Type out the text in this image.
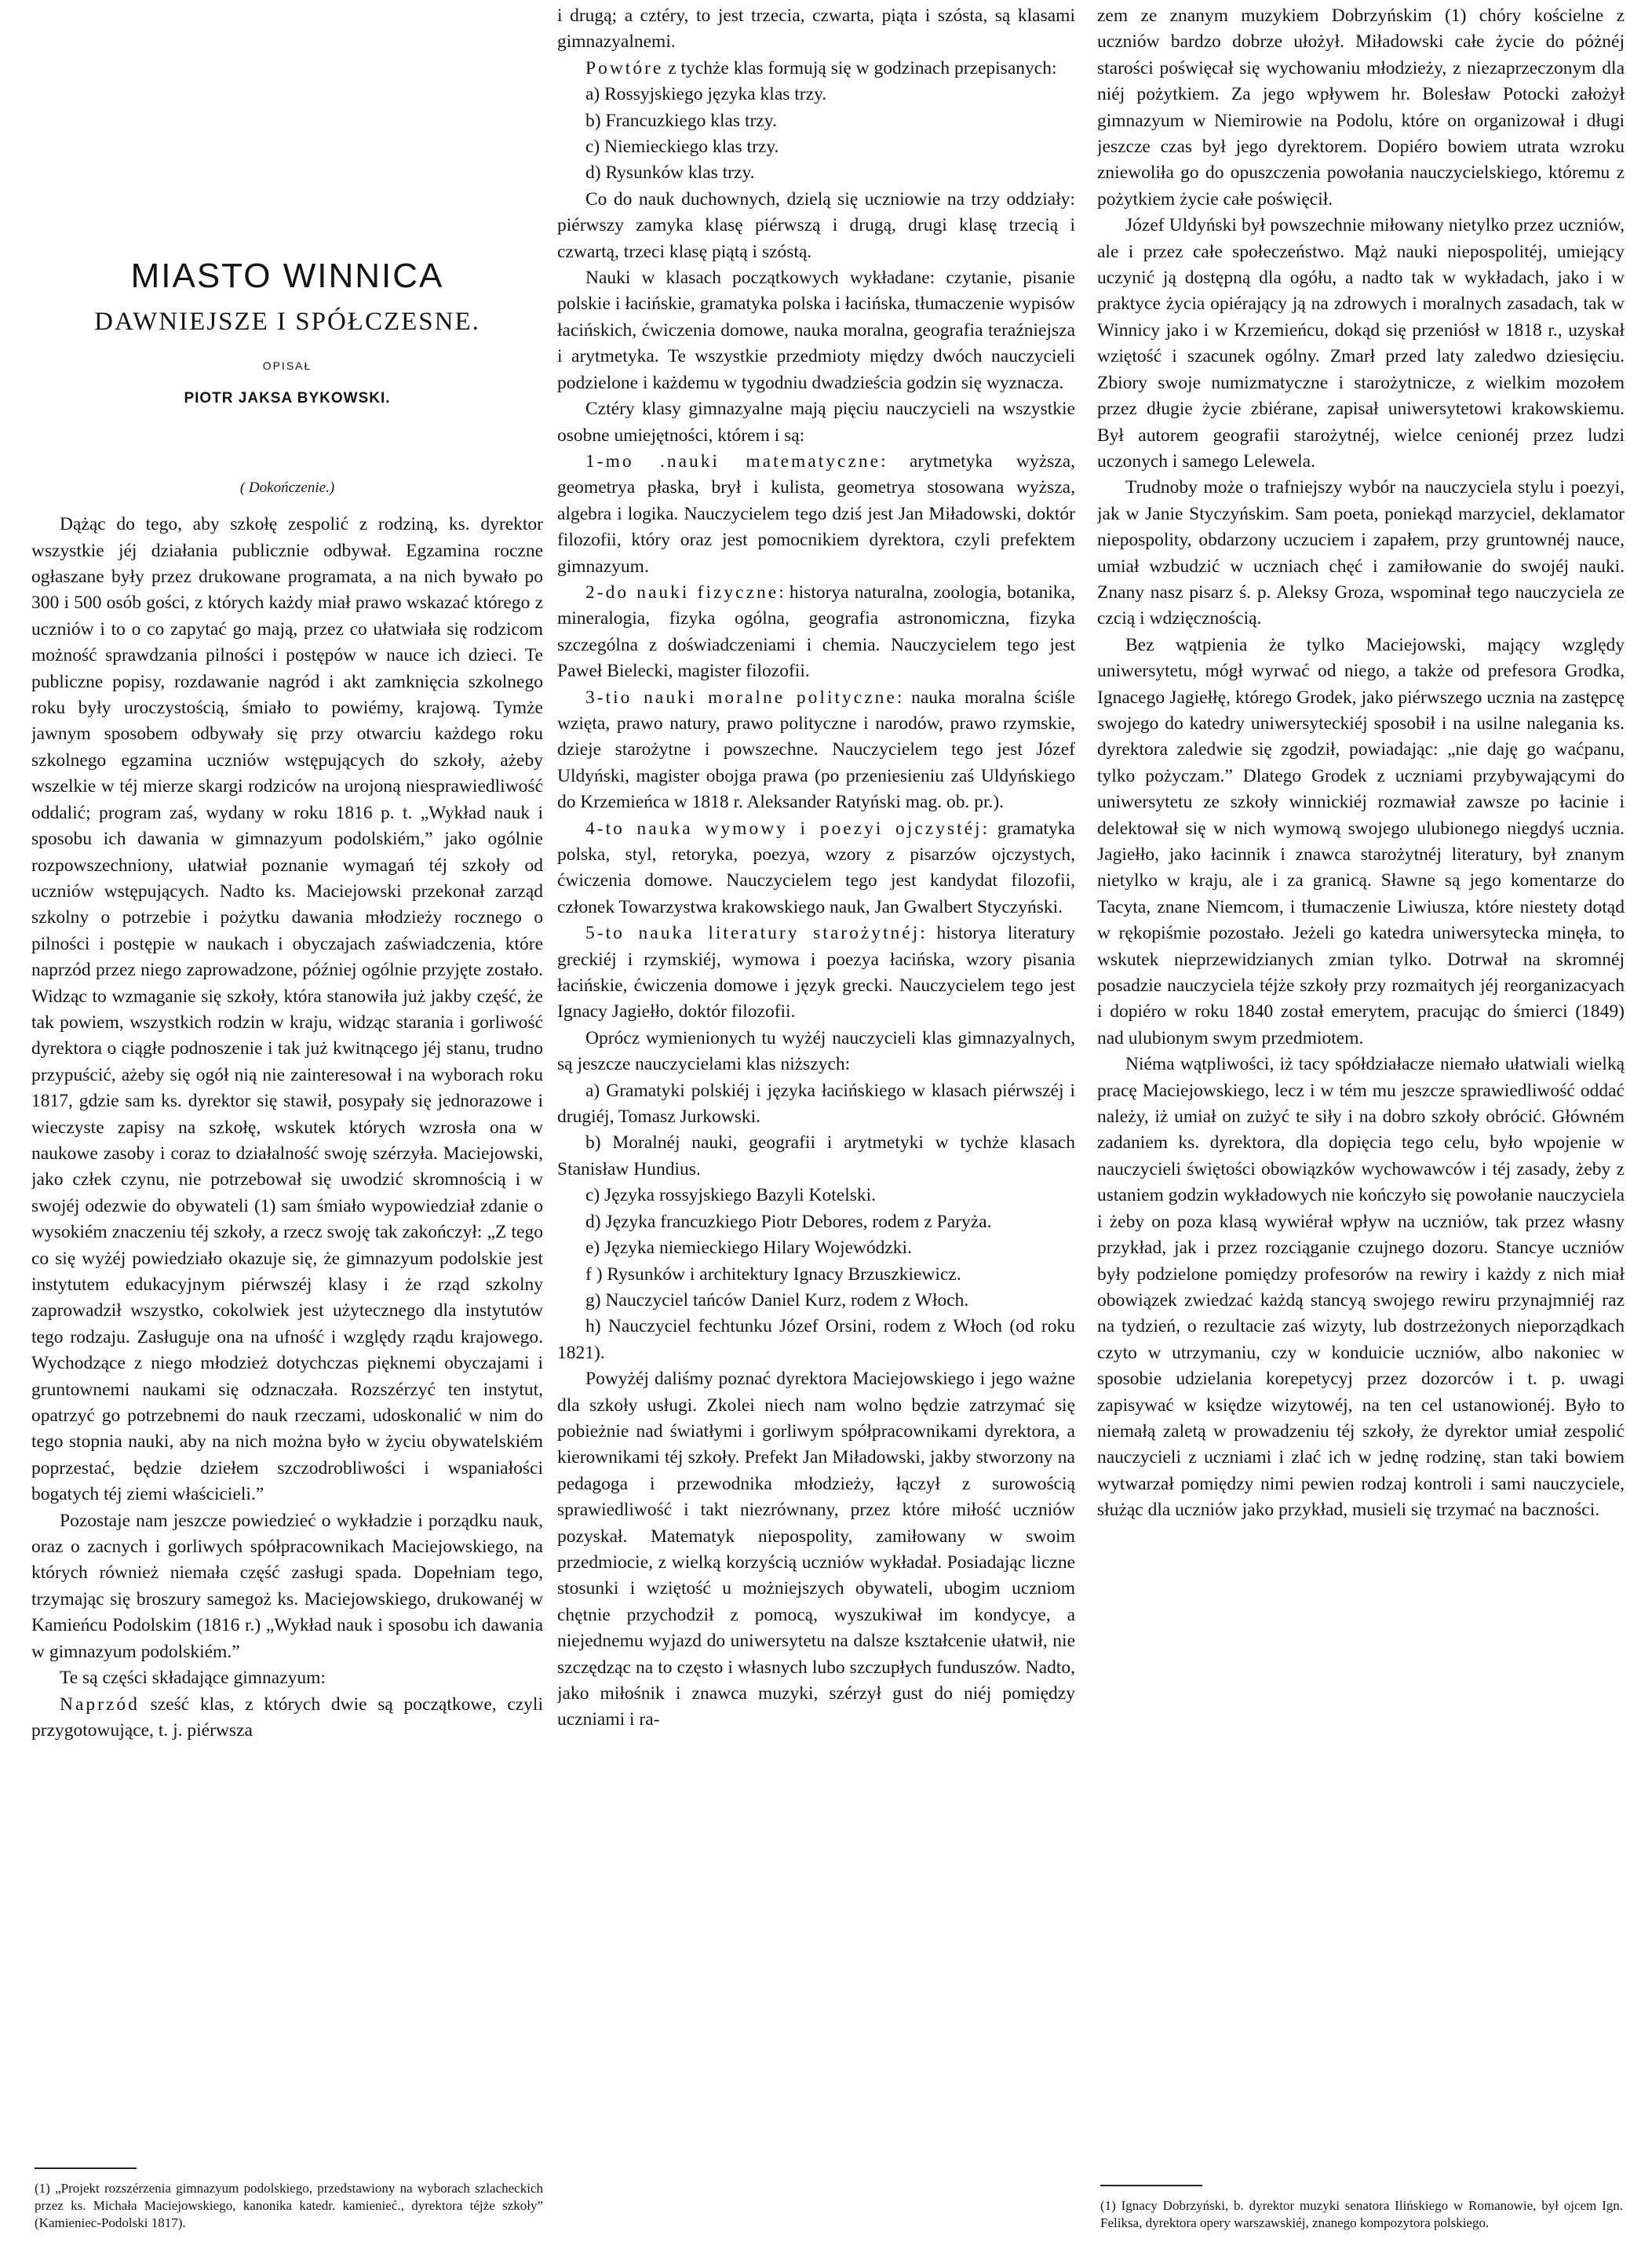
MIASTO WINNICA
DAWNIEJSZE I SPÓŁCZESNE.
OPISAŁ
PIOTR JAKSA BYKOWSKI.
( Dokończenie.)

Dążąc do tego, aby szkołę zespolić z rodziną, ks. dyrektor wszystkie jéj działania publicznie odbywał. Egzamina roczne ogłaszane były przez drukowane programata, a na nich bywało po 300 i 500 osób gości, z których każdy miał prawo wskazać którego z uczniów i to o co zapytać go mają, przez co ułatwiała się rodzicom możność sprawdzania pilności i postępów w nauce ich dzieci. Te publiczne popisy, rozdawanie nagród i akt zamknięcia szkolnego roku były uroczystością, śmiało to powiémy, krajową. Tymże jawnym sposobem odbywały się przy otwarciu każdego roku szkolnego egzamina uczniów wstępujących do szkoły, ażeby wszelkie w téj mierze skargi rodziców na urojoną niesprawiedliwość oddalić; program zaś, wydany w roku 1816 p. t. „Wykład nauk i sposobu ich dawania w gimnazyum podolskiém,” jako ogólnie rozpowszechniony, ułatwiał poznanie wymagań téj szkoły od uczniów wstępujących. Nadto ks. Maciejowski przekonał zarząd szkolny o potrzebie i pożytku dawania młodzieży rocznego o pilności i postępie w naukach i obyczajach zaświadczenia, które naprzód przez niego zaprowadzone, później ogólnie przyjęte zostało. Widząc to wzmaganie się szkoły, która stanowiła już jakby część, że tak powiem, wszystkich rodzin w kraju, widząc starania i gorliwość dyrektora o ciągłe podnoszenie i tak już kwitnącego jéj stanu, trudno przypuścić, ażeby się ogół nią nie zainteresował i na wyborach roku 1817, gdzie sam ks. dyrektor się stawił, posypały się jednorazowe i wieczyste zapisy na szkołę, wskutek których wzrosła ona w naukowe zasoby i coraz to działalność swoję szérzyła. Maciejowski, jako człek czynu, nie potrzebował się uwodzić skromnością i w swojéj odezwie do obywateli (1) sam śmiało wypowiedział zdanie o wysokiém znaczeniu téj szkoły, a rzecz swoję tak zakończył: „Z tego co się wyżéj powiedziało okazuje się, że gimnazyum podolskie jest instytutem edukacyjnym piérwszéj klasy i że rząd szkolny zaprowadził wszystko, cokolwiek jest użytecznego dla instytutów tego rodzaju. Zasługuje ona na ufność i względy rządu krajowego. Wychodzące z niego młodzież dotychczas pięknemi obyczajami i gruntownemi naukami się odznaczała. Rozszérzyć ten instytut, opatrzyć go potrzebnemi do nauk rzeczami, udoskonalić w nim do tego stopnia nauki, aby na nich można było w życiu obywatelskiém poprzestać, będzie dziełem szczodrobliwości i wspaniałości bogatych téj ziemi właścicieli.”

Pozostaje nam jeszcze powiedzieć o wykładzie i porządku nauk, oraz o zacnych i gorliwych spółpracownikach Maciejowskiego, na których również niemała część zasługi spada. Dopełniam tego, trzymając się broszury samegoż ks. Maciejowskiego, drukowanéj w Kamieńcu Podolskim (1816 r.) „Wykład nauk i sposobu ich dawania w gimnazyum podolskiém.”

Te są części składające gimnazyum:

Naprzód sześć klas, z których dwie są początkowe, czyli przygotowujące, t. j. piérwsza

(1) „Projekt rozszérzenia gimnazyum podolskiego, przedstawiony na wyborach szlacheckich przez ks. Michała Maciejowskiego, kanonika katedr. kamienieć., dyrektora téjże szkoły” (Kamieniec-Podolski 1817).

i drugą; a cztéry, to jest trzecia, czwarta, piąta i szósta, są klasami gimnazyalnemi.

Powtóre z tychże klas formują się w godzinach przepisanych:

a) Rossyjskiego języka klas trzy.

b) Francuzkiego klas trzy.

c) Niemieckiego klas trzy.

d) Rysunków klas trzy.

Co do nauk duchownych, dzielą się uczniowie na trzy oddziały: piérwszy zamyka klasę piérwszą i drugą, drugi klasę trzecią i czwartą, trzeci klasę piątą i szóstą.

Nauki w klasach początkowych wykładane: czytanie, pisanie polskie i łacińskie, gramatyka polska i łacińska, tłumaczenie wypisów łacińskich, ćwiczenia domowe, nauka moralna, geografia teraźniejsza i arytmetyka. Te wszystkie przedmioty między dwóch nauczycieli podzielone i każdemu w tygodniu dwadzieścia godzin się wyznacza.

Cztéry klasy gimnazyalne mają pięciu nauczycieli na wszystkie osobne umiejętności, którem i są:

1-mo .nauki matematyczne: arytmetyka wyższa, geometrya płaska, brył i kulista, geometrya stosowana wyższa, algebra i logika. Nauczycielem tego dziś jest Jan Miładowski, doktór filozofii, który oraz jest pomocnikiem dyrektora, czyli prefektem gimnazyum.

2-do nauki fizyczne: historya naturalna, zoologia, botanika, mineralogia, fizyka ogólna, geografia astronomiczna, fizyka szczególna z doświadczeniami i chemia. Nauczycielem tego jest Paweł Bielecki, magister filozofii.

3-tio nauki moralne polityczne: nauka moralna ściśle wzięta, prawo natury, prawo polityczne i narodów, prawo rzymskie, dzieje starożytne i powszechne. Nauczycielem tego jest Józef Uldyński, magister obojga prawa (po przeniesieniu zaś Uldyńskiego do Krzemieńca w 1818 r. Aleksander Ratyński mag. ob. pr.).

4-to nauka wymowy i poezyi ojczystéj: gramatyka polska, styl, retoryka, poezya, wzory z pisarzów ojczystych, ćwiczenia domowe. Nauczycielem tego jest kandydat filozofii, członek Towarzystwa krakowskiego nauk, Jan Gwalbert Styczyński.

5-to nauka literatury starożytnéj: historya literatury greckiéj i rzymskiéj, wymowa i poezya łacińska, wzory pisania łacińskie, ćwiczenia domowe i język grecki. Nauczycielem tego jest Ignacy Jagiełło, doktór filozofii.

Oprócz wymienionych tu wyżéj nauczycieli klas gimnazyalnych, są jeszcze nauczycielami klas niższych:

a) Gramatyki polskiéj i języka łacińskiego w klasach piérwszéj i drugiéj, Tomasz Jurkowski.

b) Moralnéj nauki, geografii i arytmetyki w tychże klasach Stanisław Hundius.

c) Języka rossyjskiego Bazyli Kotelski.

d) Języka francuzkiego Piotr Debores, rodem z Paryża.

e) Języka niemieckiego Hilary Wojewódzki.

f ) Rysunków i architektury Ignacy Brzuszkiewicz.

g) Nauczyciel tańców Daniel Kurz, rodem z Włoch.

h) Nauczyciel fechtunku Józef Orsini, rodem z Włoch (od roku 1821).

Powyżéj daliśmy poznać dyrektora Maciejowskiego i jego ważne dla szkoły usługi. Zkolei niech nam wolno będzie zatrzymać się pobieżnie nad światłymi i gorliwym spółpracownikami dyrektora, a kierownikami téj szkoły. Prefekt Jan Miładowski, jakby stworzony na pedagoga i przewodnika młodzieży, łączył z surowością sprawiedliwość i takt niezrównany, przez które miłość uczniów pozyskał. Matematyk niepospolity, zamiłowany w swoim przedmiocie, z wielką korzyścią uczniów wykładał. Posiadając liczne stosunki i wziętość u możniejszych obywateli, ubogim uczniom chętnie przychodził z pomocą, wyszukiwał im kondycye, a niejednemu wyjazd do uniwersytetu na dalsze kształcenie ułatwił, nie szczędząc na to często i własnych lubo szczupłych funduszów. Nadto, jako miłośnik i znawca muzyki, szérzył gust do niéj pomiędzy uczniami i ra-

zem ze znanym muzykiem Dobrzyńskim (1) chóry kościelne z uczniów bardzo dobrze ułożył. Miładowski całe życie do póżnéj starości poświęcał się wychowaniu młodzieży, z niezaprzeczonym dla niéj pożytkiem. Za jego wpływem hr. Bolesław Potocki założył gimnazyum w Niemirowie na Podolu, które on organizował i długi jeszcze czas był jego dyrektorem. Dopiéro bowiem utrata wzroku zniewoliła go do opuszczenia powołania nauczycielskiego, któremu z pożytkiem życie całe poświęcił.

Józef Uldyński był powszechnie miłowany nietylko przez uczniów, ale i przez całe społeczeństwo. Mąż nauki niepospolitéj, umiejący uczynić ją dostępną dla ogółu, a nadto tak w wykładach, jako i w praktyce życia opiérający ją na zdrowych i moralnych zasadach, tak w Winnicy jako i w Krzemieńcu, dokąd się przeniósł w 1818 r., uzyskał wziętość i szacunek ogólny. Zmarł przed laty zaledwo dziesięciu. Zbiory swoje numizmatyczne i starożytnicze, z wielkim mozołem przez długie życie zbiérane, zapisał uniwersytetowi krakowskiemu. Był autorem geografii starożytnéj, wielce cenionéj przez ludzi uczonych i samego Lelewela.

Trudnoby może o trafniejszy wybór na nauczyciela stylu i poezyi, jak w Janie Styczyńskim. Sam poeta, poniekąd marzyciel, deklamator niepospolity, obdarzony uczuciem i zapałem, przy gruntownéj nauce, umiał wzbudzić w uczniach chęć i zamiłowanie do swojéj nauki. Znany nasz pisarz ś. p. Aleksy Groza, wspominał tego nauczyciela ze czcią i wdzięcznością.

Bez wątpienia że tylko Maciejowski, mający względy uniwersytetu, mógł wyrwać od niego, a także od prefesora Grodka, Ignacego Jagiełłę, którego Grodek, jako piérwszego ucznia na zastępcę swojego do katedry uniwersyteckiéj sposobił i na usilne nalegania ks. dyrektora zaledwie się zgodził, powiadając: „nie daję go waćpanu, tylko pożyczam.” Dlatego Grodek z uczniami przybywającymi do uniwersytetu ze szkoły winnickiéj rozmawiał zawsze po łacinie i delektował się w nich wymową swojego ulubionego niegdyś ucznia. Jagiełło, jako łacinnik i znawca starożytnéj literatury, był znanym nietylko w kraju, ale i za granicą. Sławne są jego komentarze do Tacyta, znane Niemcom, i tłumaczenie Liwiusza, które niestety dotąd w rękopiśmie pozostało. Jeżeli go katedra uniwersytecka minęła, to wskutek nieprzewidzianych zmian tylko. Dotrwał na skromnéj posadzie nauczyciela téjże szkoły przy rozmaitych jéj reorganizacyach i dopiéro w roku 1840 został emerytem, pracując do śmierci (1849) nad ulubionym swym przedmiotem.

Niéma wątpliwości, iż tacy spółdziałacze niemało ułatwiali wielką pracę Maciejowskiego, lecz i w tém mu jeszcze sprawiedliwość oddać należy, iż umiał on zużyć te siły i na dobro szkoły obrócić. Główném zadaniem ks. dyrektora, dla dopięcia tego celu, było wpojenie w nauczycieli świętości obowiązków wychowawców i téj zasady, żeby z ustaniem godzin wykładowych nie kończyło się powołanie nauczyciela i żeby on poza klasą wywiérał wpływ na uczniów, tak przez własny przykład, jak i przez rozciąganie czujnego dozoru. Stancye uczniów były podzielone pomiędzy profesorów na rewiry i każdy z nich miał obowiązek zwiedzać każdą stancyą swojego rewiru przynajmniéj raz na tydzień, o rezultacie zaś wizyty, lub dostrzeżonych nieporządkach czyto w utrzymaniu, czy w konduicie uczniów, albo nakoniec w sposobie udzielania korepetycyj przez dozorców i t. p. uwagi zapisywać w księdze wizytowéj, na ten cel ustanowionéj. Było to niemałą zaletą w prowadzeniu téj szkoły, że dyrektor umiał zespolić nauczycieli z uczniami i zlać ich w jednę rodzinę, stan taki bowiem wytwarzał pomiędzy nimi pewien rodzaj kontroli i sami nauczyciele, służąc dla uczniów jako przykład, musieli się trzymać na baczności.

(1) Ignacy Dobrzyński, b. dyrektor muzyki senatora Ilińskiego w Romanowie, był ojcem Ign. Feliksa, dyrektora opery warszawskiéj, znanego kompozytora polskiego.
